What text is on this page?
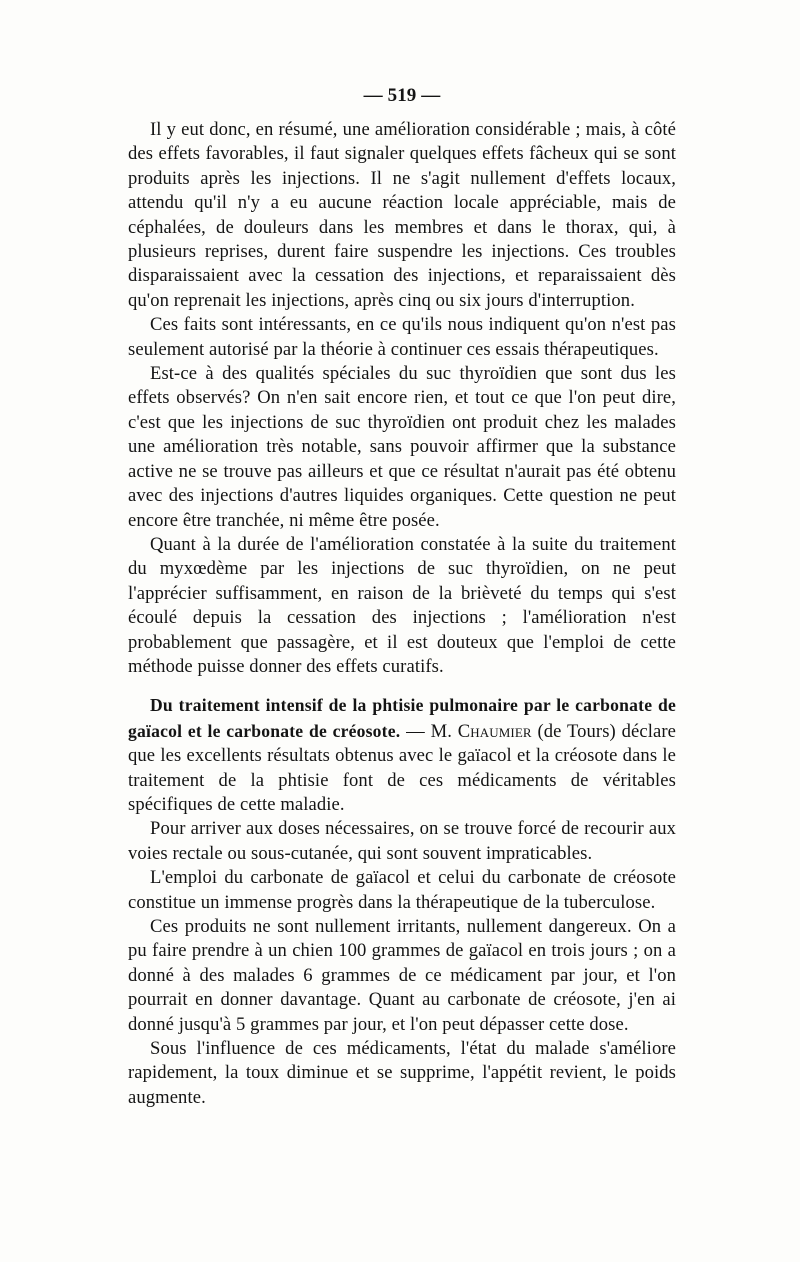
— 519 —

Il y eut donc, en résumé, une amélioration considérable ; mais, à côté des effets favorables, il faut signaler quelques effets fâcheux qui se sont produits après les injections. Il ne s'agit nullement d'effets locaux, attendu qu'il n'y a eu aucune réaction locale appréciable, mais de céphalées, de douleurs dans les membres et dans le thorax, qui, à plusieurs reprises, durent faire suspendre les injections. Ces troubles disparaissaient avec la cessation des injections, et reparaissaient dès qu'on reprenait les injections, après cinq ou six jours d'interruption.

Ces faits sont intéressants, en ce qu'ils nous indiquent qu'on n'est pas seulement autorisé par la théorie à continuer ces essais thérapeutiques.

Est-ce à des qualités spéciales du suc thyroïdien que sont dus les effets observés? On n'en sait encore rien, et tout ce que l'on peut dire, c'est que les injections de suc thyroïdien ont produit chez les malades une amélioration très notable, sans pouvoir affirmer que la substance active ne se trouve pas ailleurs et que ce résultat n'aurait pas été obtenu avec des injections d'autres liquides organiques. Cette question ne peut encore être tranchée, ni même être posée.

Quant à la durée de l'amélioration constatée à la suite du traitement du myxœdème par les injections de suc thyroïdien, on ne peut l'apprécier suffisamment, en raison de la brièveté du temps qui s'est écoulé depuis la cessation des injections ; l'amélioration n'est probablement que passagère, et il est douteux que l'emploi de cette méthode puisse donner des effets curatifs.

Du traitement intensif de la phtisie pulmonaire par le carbonate de gaïacol et le carbonate de créosote. — M. Chaumier (de Tours) déclare que les excellents résultats obtenus avec le gaïacol et la créosote dans le traitement de la phtisie font de ces médicaments de véritables spécifiques de cette maladie.

Pour arriver aux doses nécessaires, on se trouve forcé de recourir aux voies rectale ou sous-cutanée, qui sont souvent impraticables.

L'emploi du carbonate de gaïacol et celui du carbonate de créosote constitue un immense progrès dans la thérapeutique de la tuberculose.

Ces produits ne sont nullement irritants, nullement dangereux. On a pu faire prendre à un chien 100 grammes de gaïacol en trois jours ; on a donné à des malades 6 grammes de ce médicament par jour, et l'on pourrait en donner davantage. Quant au carbonate de créosote, j'en ai donné jusqu'à 5 grammes par jour, et l'on peut dépasser cette dose.

Sous l'influence de ces médicaments, l'état du malade s'améliore rapidement, la toux diminue et se supprime, l'appétit revient, le poids augmente.
